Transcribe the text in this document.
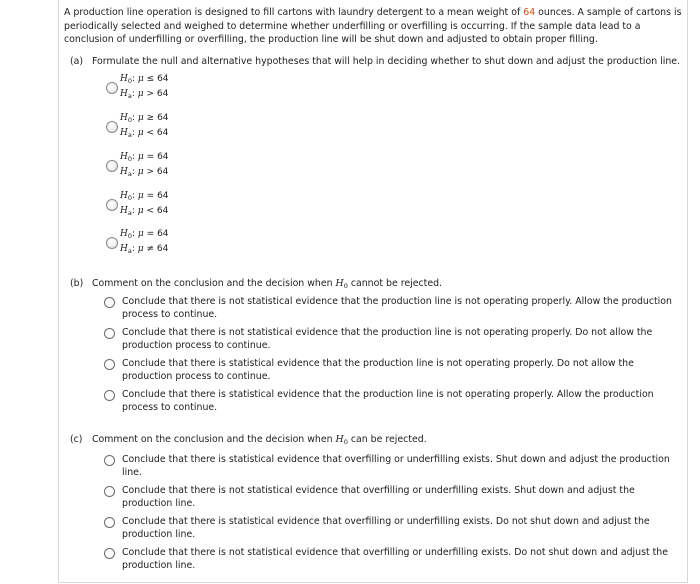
A production line operation is designed to fill cartons with laundry detergent to a mean weight of 64 ounces. A sample of cartons is periodically selected and weighed to determine whether underfilling or overfilling is occurring. If the sample data lead to a conclusion of underfilling or overfilling, the production line will be shut down and adjusted to obtain proper filling.
(a) Formulate the null and alternative hypotheses that will help in deciding whether to shut down and adjust the production line.
$H_0$: μ ≤ 64
$H_a$: μ > 64
$H_0$: μ ≥ 64
$H_a$: μ < 64
$H_0$: μ = 64
$H_a$: μ > 64
$H_0$: μ = 64
$H_a$: μ < 64
$H_0$: μ = 64
$H_a$: μ ≠ 64
(b) Comment on the conclusion and the decision when $H_0$ cannot be rejected.
Conclude that there is not statistical evidence that the production line is not operating properly. Allow the production process to continue.
Conclude that there is not statistical evidence that the production line is not operating properly. Do not allow the production process to continue.
Conclude that there is statistical evidence that the production line is not operating properly. Do not allow the production process to continue.
Conclude that there is statistical evidence that the production line is not operating properly. Allow the production process to continue.
(c) Comment on the conclusion and the decision when $H_0$ can be rejected.
Conclude that there is statistical evidence that overfilling or underfilling exists. Shut down and adjust the production line.
Conclude that there is not statistical evidence that overfilling or underfilling exists. Shut down and adjust the production line.
Conclude that there is statistical evidence that overfilling or underfilling exists. Do not shut down and adjust the production line.
Conclude that there is not statistical evidence that overfilling or underfilling exists. Do not shut down and adjust the production line.
